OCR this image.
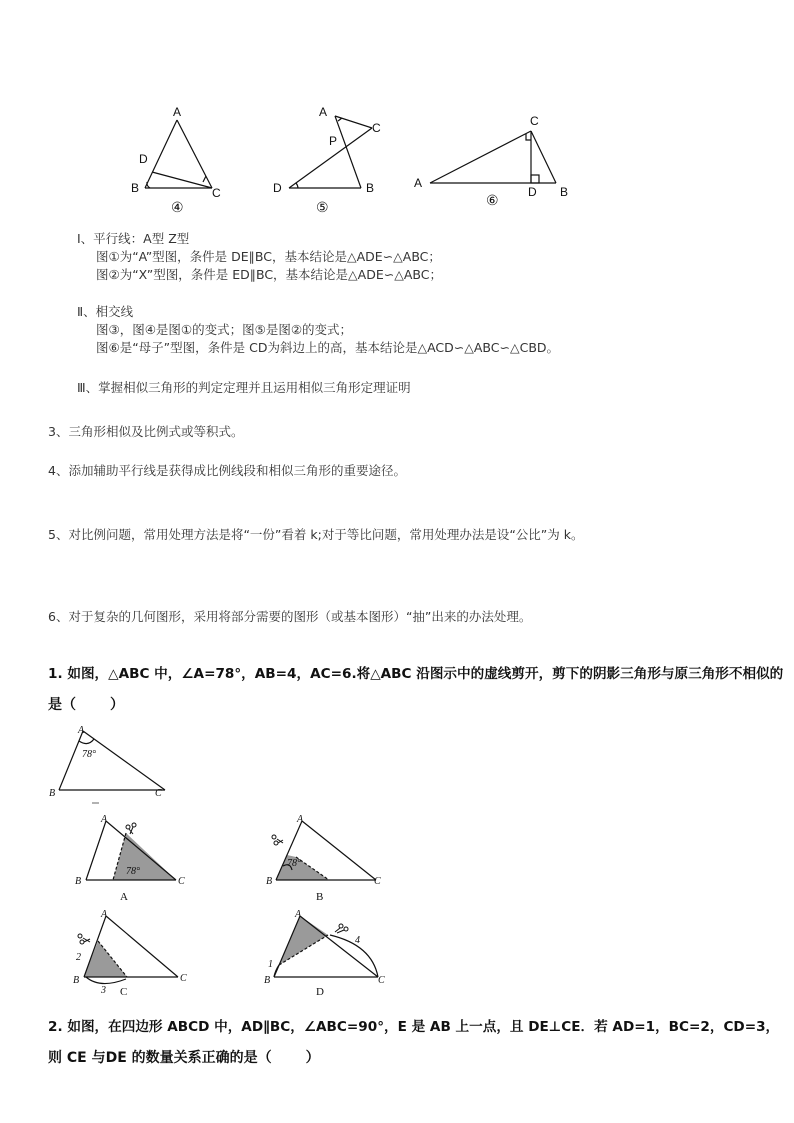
A
D
B	C
④
A
C
P
D	B
⑤
A
C
D B
⑥
Ⅰ、平行线：A型 Z型
图①为“A”型图，条件是 DE∥BC，基本结论是△ADE∽△ABC；
图②为“X”型图，条件是 ED∥BC，基本结论是△ADE∽△ABC；
Ⅱ、相交线
图③，图④是图①的变式；图⑤是图②的变式；
图⑥是“母子”型图，条件是 CD为斜边上的高，基本结论是△ACD∽△ABC∽△CBD。
Ⅲ、掌握相似三角形的判定定理并且运用相似三角形定理证明
3、三角形相似及比例式或等积式。
4、添加辅助平行线是获得成比例线段和相似三角形的重要途径。
5、对比例问题，常用处理方法是将“一份”看着 k;对于等比问题，常用处理办法是设“公比”为 k。
6、对于复杂的几何图形，采用将部分需要的图形（或基本图形）“抽”出来的办法处理。
1. 如图，△ABC 中，∠A=78°，AB=4，AC=6.将△ABC 沿图示中的虚线剪开，剪下的阴影三角形与原三角形不相似的
是（ ）
A
78°
B	C
A
78°
B	C
A
A
78°
B	C
B
A
2
B	C
3 C
A
4
1
B	C
D
2. 如图，在四边形 ABCD 中，AD∥BC，∠ABC=90°，E 是 AB 上一点，且 DE⊥CE．若 AD=1，BC=2，CD=3，
则 CE 与DE 的数量关系正确的是（ ）
